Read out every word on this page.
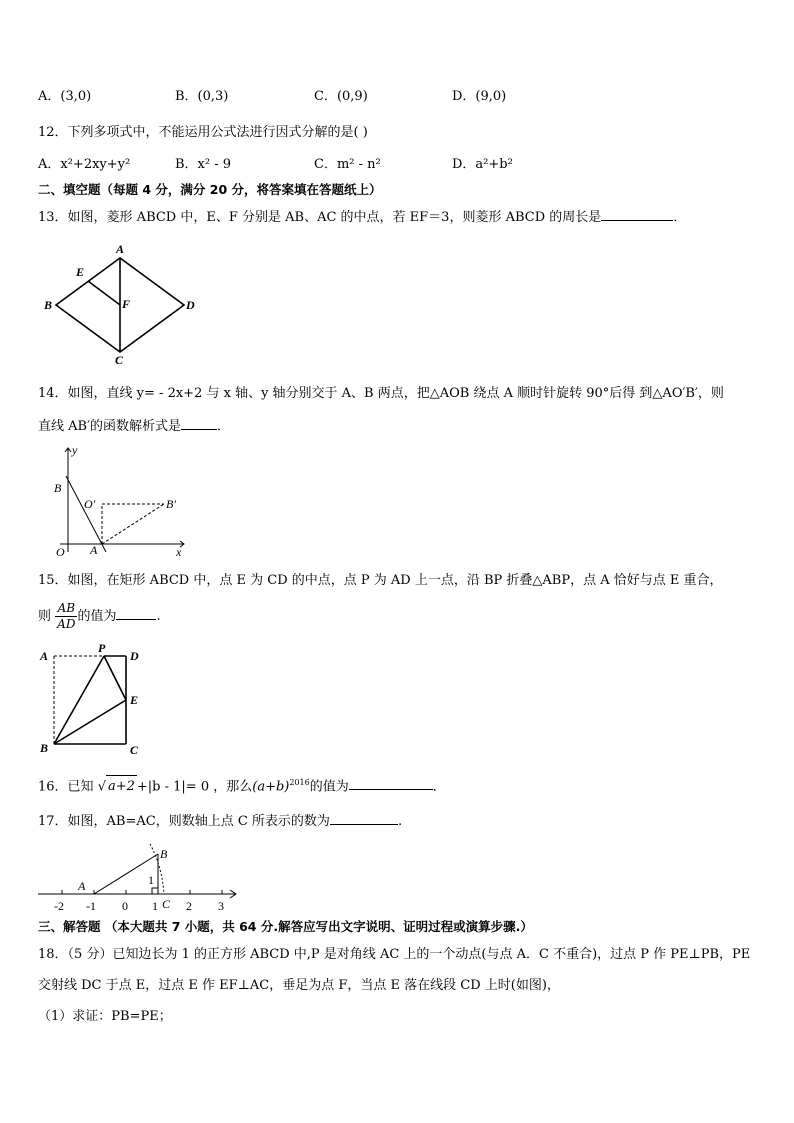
A．(3,0)	B．(0,3)	C．(0,9)	D．(9,0)
12．下列多项式中，不能运用公式法进行因式分解的是( )
A．x²+2xy+y²	B．x² - 9	C．m² - n²	D．a²+b²
二、填空题（每题 4 分，满分 20 分，将答案填在答题纸上）
13．如图，菱形 ABCD 中，E、F 分别是 AB、AC 的中点，若 EF＝3，则菱形 ABCD 的周长是	．
A
B
C
D
E
F
14．如图，直线 y= - 2x+2 与 x 轴、y 轴分别交于 A、B 两点，把△AOB 绕点 A 顺时针旋转 90°后得 到△AO′B′，则
直线 AB′的函数解析式是	．
y
x
B
O′	B′
O A
15．如图，在矩形 ABCD 中，点 E 为 CD 的中点，点 P 为 AD 上一点，沿 BP 折叠△ABP，点 A 恰好与点 E 重合，
则 $\frac{AB}{AD}$ 的值为	.
A
P
D
E
B	C
16．已知 √ a+2 +|b - 1|= 0 ，那么$(a+b)^{2016}$的值为	．
17．如图，AB=AC，则数轴上点 C 所表示的数为	.
B
A	1
C
-2 -1 0 1 2 3
三、解答题 （本大题共 7 小题，共 64 分.解答应写出文字说明、证明过程或演算步骤.）
18．（5 分）已知边长为 1 的正方形 ABCD 中,P 是对角线 AC 上的一个动点(与点 A．C 不重合)，过点 P 作 PE⊥PB，PE
交射线 DC 于点 E，过点 E 作 EF⊥AC，垂足为点 F，当点 E 落在线段 CD 上时(如图)，
（1）求证：PB=PE；
